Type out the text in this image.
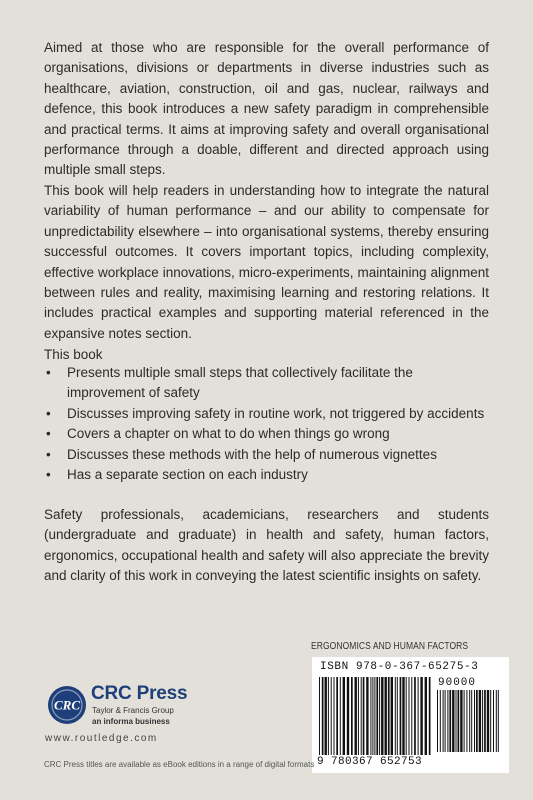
Aimed at those who are responsible for the overall performance of organisations, divisions or departments in diverse industries such as healthcare, aviation, construction, oil and gas, nuclear, railways and defence, this book introduces a new safety paradigm in comprehensible and practical terms. It aims at improving safety and overall organisational performance through a doable, different and directed approach using multiple small steps.

This book will help readers in understanding how to integrate the natural variability of human performance – and our ability to compensate for unpredictability elsewhere – into organisational systems, thereby ensuring successful outcomes. It covers important topics, including complexity, effective workplace innovations, micro-experiments, maintaining alignment between rules and reality, maximising learning and restoring relations. It includes practical examples and supporting material referenced in the expansive notes section.

This book
• Presents multiple small steps that collectively facilitate the improvement of safety
• Discusses improving safety in routine work, not triggered by accidents
• Covers a chapter on what to do when things go wrong
• Discusses these methods with the help of numerous vignettes
• Has a separate section on each industry

Safety professionals, academicians, researchers and students (undergraduate and graduate) in health and safety, human factors, ergonomics, occupational health and safety will also appreciate the brevity and clarity of this work in conveying the latest scientific insights on safety.

ERGONOMICS AND HUMAN FACTORS
ISBN 978-0-367-65275-3
90000
9 780367 652753
CRC
CRC Press
Taylor & Francis Group
an informa business
www.routledge.com
CRC Press titles are available as eBook editions in a range of digital formats
